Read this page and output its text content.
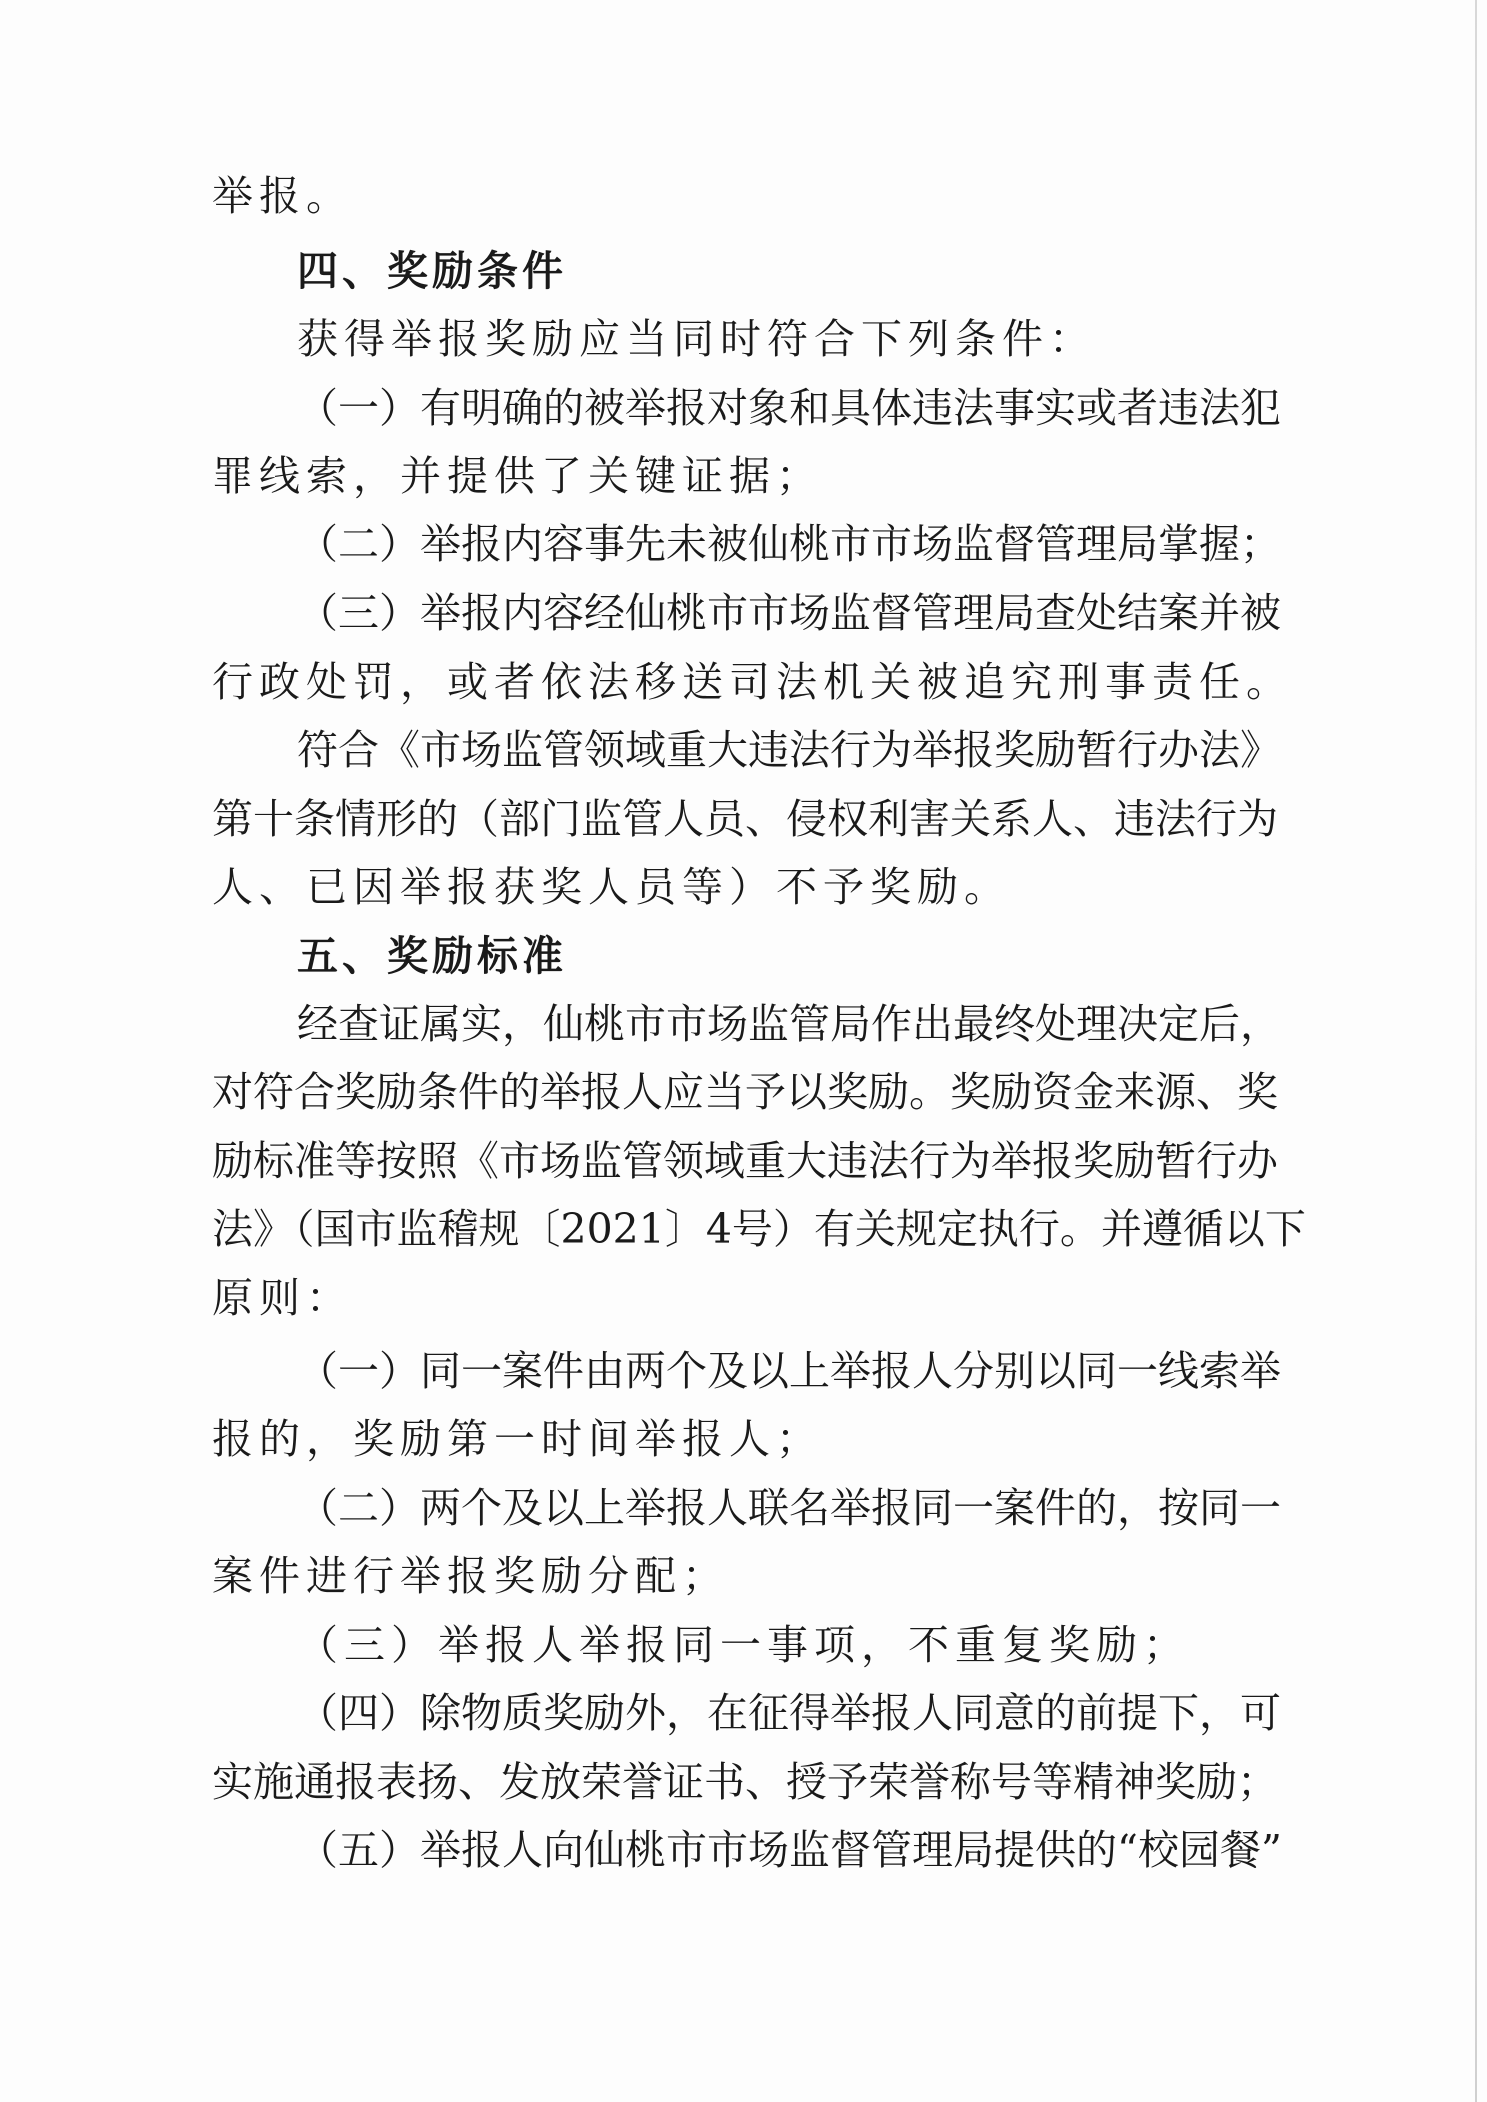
举报。
四、奖励条件
获得举报奖励应当同时符合下列条件：
（一）有明确的被举报对象和具体违法事实或者违法犯
罪线索，并提供了关键证据；
（二）举报内容事先未被仙桃市市场监督管理局掌握；
（三）举报内容经仙桃市市场监督管理局查处结案并被
行政处罚，或者依法移送司法机关被追究刑事责任。
符合《市场监管领域重大违法行为举报奖励暂行办法》
第十条情形的（部门监管人员、侵权利害关系人、违法行为
人、已因举报获奖人员等）不予奖励。
五、奖励标准
经查证属实，仙桃市市场监管局作出最终处理决定后，
对符合奖励条件的举报人应当予以奖励。奖励资金来源、奖
励标准等按照《市场监管领域重大违法行为举报奖励暂行办
法》（国市监稽规〔2021〕4号）有关规定执行。并遵循以下
原则：
（一）同一案件由两个及以上举报人分别以同一线索举
报的，奖励第一时间举报人；
（二）两个及以上举报人联名举报同一案件的，按同一
案件进行举报奖励分配；
（三）举报人举报同一事项，不重复奖励；
（四）除物质奖励外，在征得举报人同意的前提下，可
实施通报表扬、发放荣誉证书、授予荣誉称号等精神奖励；
（五）举报人向仙桃市市场监督管理局提供的“校园餐”
